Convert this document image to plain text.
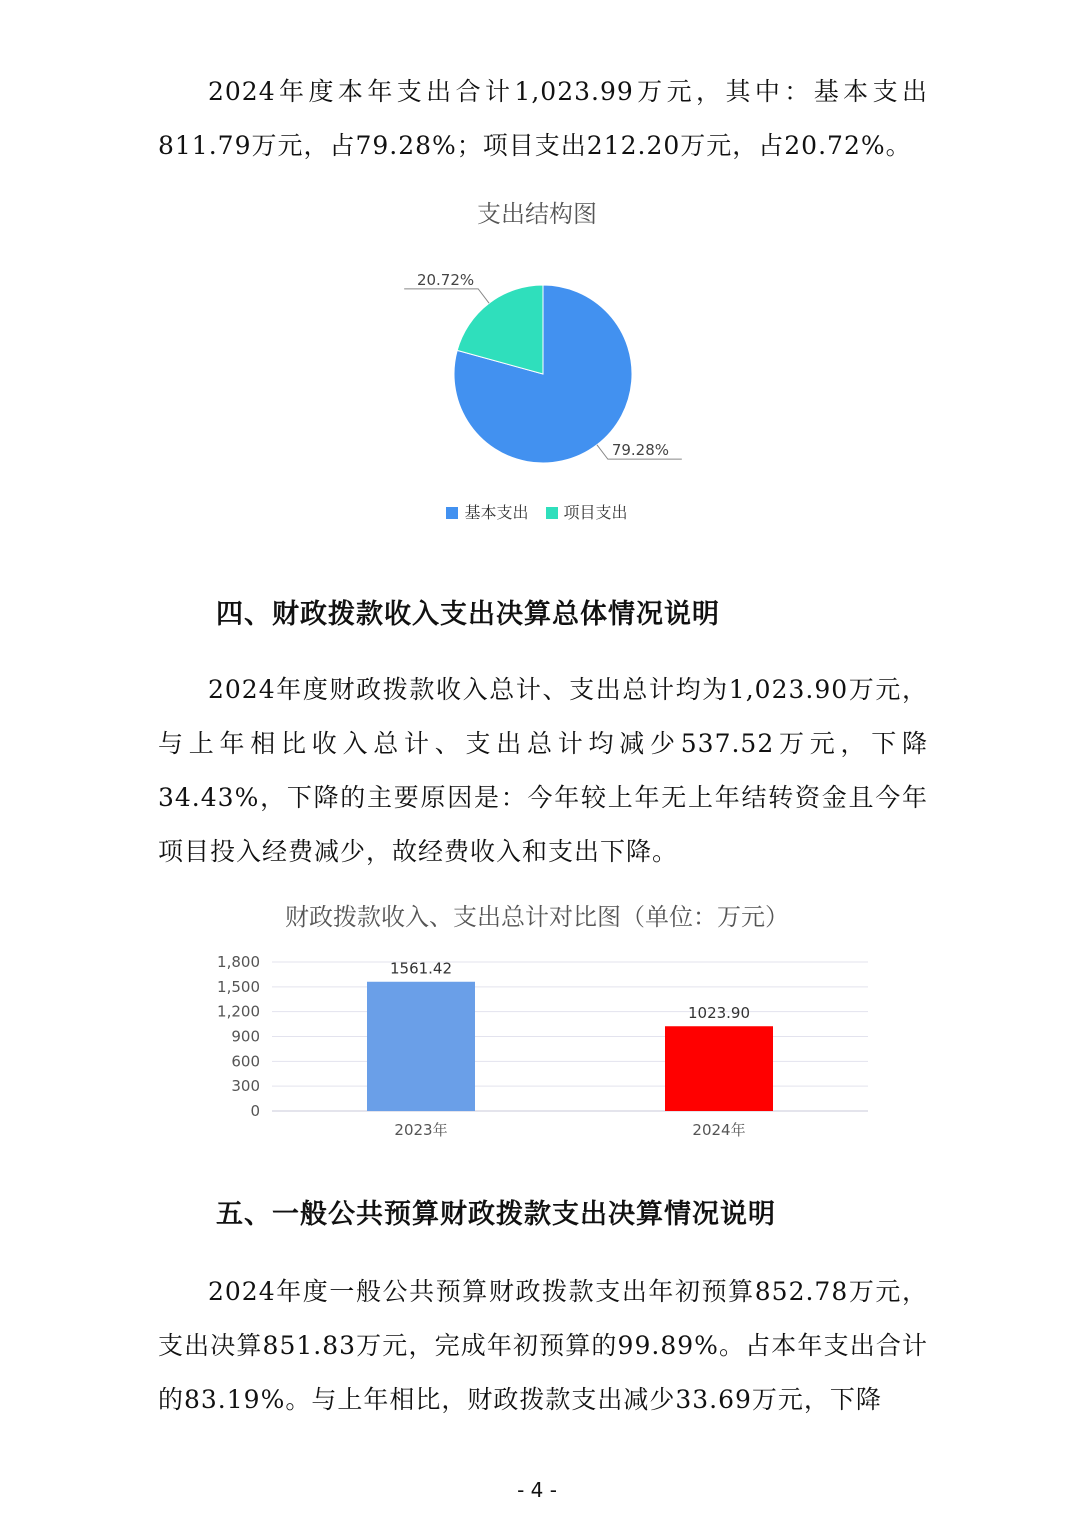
2024年度本年支出合计1,023.99万元，其中：基本支出811.79万元，占79.28%；项目支出212.20万元，占20.72%。
支出结构图
79.28%
20.72%
基本支出 项目支出
四、财政拨款收入支出决算总体情况说明
2024年度财政拨款收入总计、支出总计均为1,023.90万元，与上年相比收入总计、支出总计均减少537.52万元，下降34.43%，下降的主要原因是：今年较上年无上年结转资金且今年项目投入经费减少，故经费收入和支出下降。
财政拨款收入、支出总计对比图（单位：万元）
0
300
600
900
1,200
1,500
1,800	1561.42
2023年
1023.90
2024年
五、一般公共预算财政拨款支出决算情况说明
2024年度一般公共预算财政拨款支出年初预算852.78万元，支出决算851.83万元，完成年初预算的99.89%。占本年支出合计的83.19%。与上年相比，财政拨款支出减少33.69万元，下降
- 4 -
